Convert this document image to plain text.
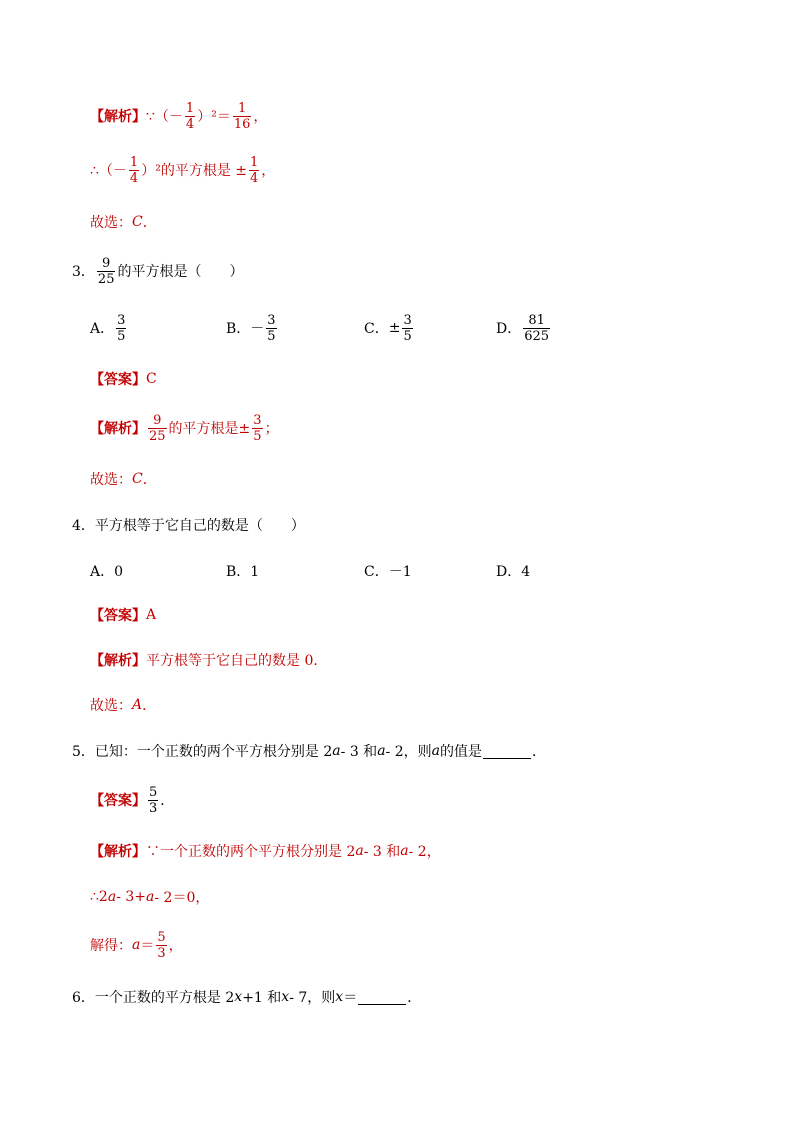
【解析】 ∵（ － $\frac{1}{4} )^2= \frac{1}{16}$ ，
∴（ － $\frac{1}{4} )^2$ 的平方根是 ± $\frac{1}{4}$ ，
故选： C ．
3． $\frac{9}{25}$ 的平方根是（　　）
A． $\frac{3}{5}$	B． － $\frac{3}{5}$	C． ± $\frac{3}{5}$	D． $\frac{81}{625}$
【答案】 C
【解析】 $\frac{9}{25}$ 的平方根是± $\frac{3}{5}$ ；
故选： C ．
4． 平方根等于它自己的数是（　　）
A．0	B．1	C．－1	D．4
【答案】 A
【解析】 平方根等于它自己的数是 0．
故选： A ．
5． 已知：一个正数的两个平方根分别是 2 a - 3 和 a - 2，则 a 的值是	．
【答案】 $\frac{5}{3}$ ．
【解析】 ∵一个正数的两个平方根分别是 2 a - 3 和 a - 2，
∴2 a - 3+ a - 2＝0，
解得： $a = \frac{5}{3}$ ，
6． 一个正数的平方根是 2 x +1 和 x - 7，则 x ＝	．
